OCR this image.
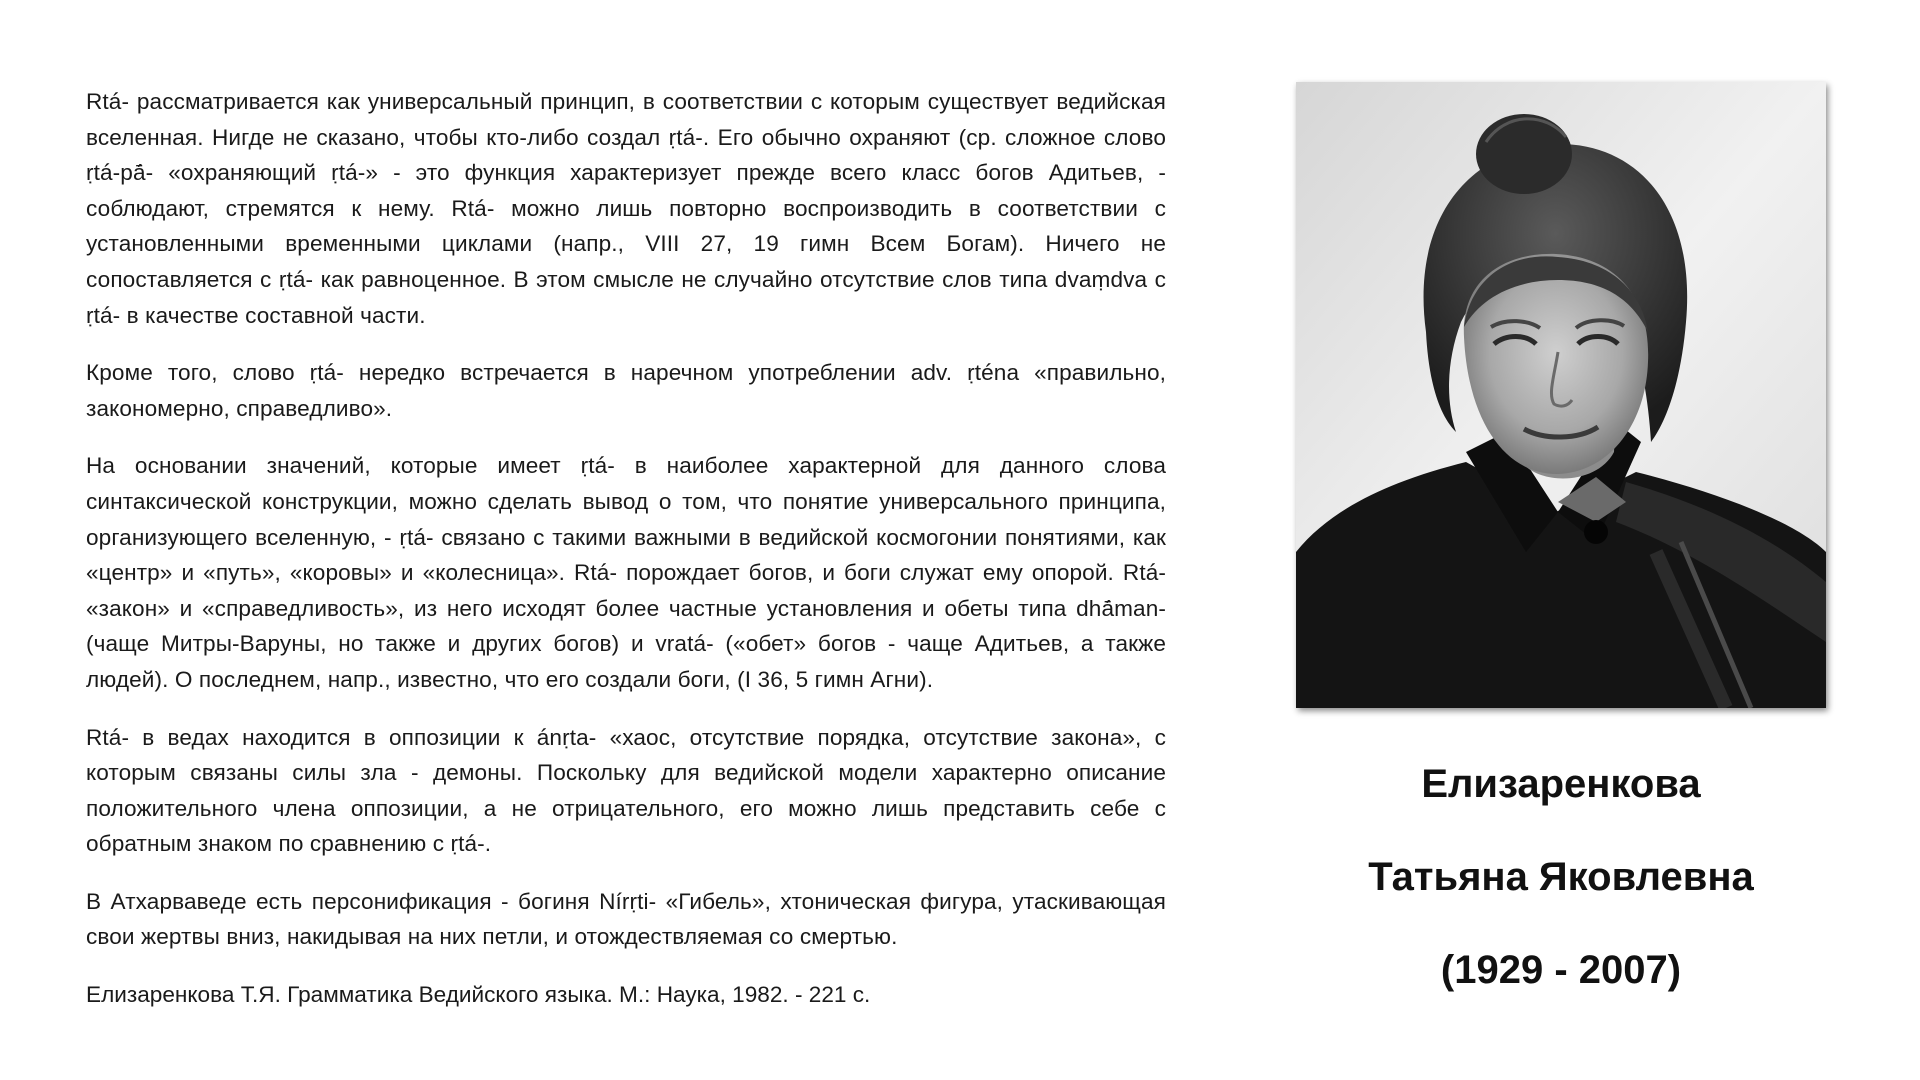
Rtá- рассматривается как универсальный принцип, в соответствии с которым существует ведийская вселенная. Нигде не сказано, чтобы кто-либо создал ṛtá-. Его обычно охраняют (ср. сложное слово ṛtá-pā́- «охраняющий ṛtá-» - это функция характеризует прежде всего класс богов Адитьев, - соблюдают, стремятся к нему. Rtá- можно лишь повторно воспроизводить в соответствии с установленными временными циклами (напр., VIII 27, 19 гимн Всем Богам). Ничего не сопоставляется с ṛtá- как равноценное. В этом смысле не случайно отсутствие слов типа dvaṃdva с ṛtá- в качестве составной части.

Кроме того, слово ṛtá- нередко встречается в наречном употреблении adv. ṛténa «правильно, закономерно, справедливо».

На основании значений, которые имеет ṛtá- в наиболее характерной для данного слова синтаксической конструкции, можно сделать вывод о том, что понятие универсального принципа, организующего вселенную, - ṛtá- связано с такими важными в ведийской космогонии понятиями, как «центр» и «путь», «коровы» и «колесница». Rtá- порождает богов, и боги служат ему опорой. Rtá- «закон» и «справедливость», из него исходят более частные установления и обеты типа dhā́man- (чаще Митры-Варуны, но также и других богов) и vratá- («обет» богов - чаще Адитьев, а также людей). О последнем, напр., известно, что его создали боги, (I 36, 5 гимн Агни).

Rtá- в ведах находится в оппозиции к ánṛta- «хаос, отсутствие порядка, отсутствие закона», с которым связаны силы зла - демоны. Поскольку для ведийской модели характерно описание положительного члена оппозиции, а не отрицательного, его можно лишь представить себе с обратным знаком по сравнению с ṛtá-.

В Атхарваведе есть персонификация - богиня Nírṛti- «Гибель», хтоническая фигура, утаскивающая свои жертвы вниз, накидывая на них петли, и отождествляемая со смертью.

Елизаренкова Т.Я. Грамматика Ведийского языка. М.: Наука, 1982. - 221 с.

Елизаренкова
Татьяна Яковлевна
(1929 - 2007)
